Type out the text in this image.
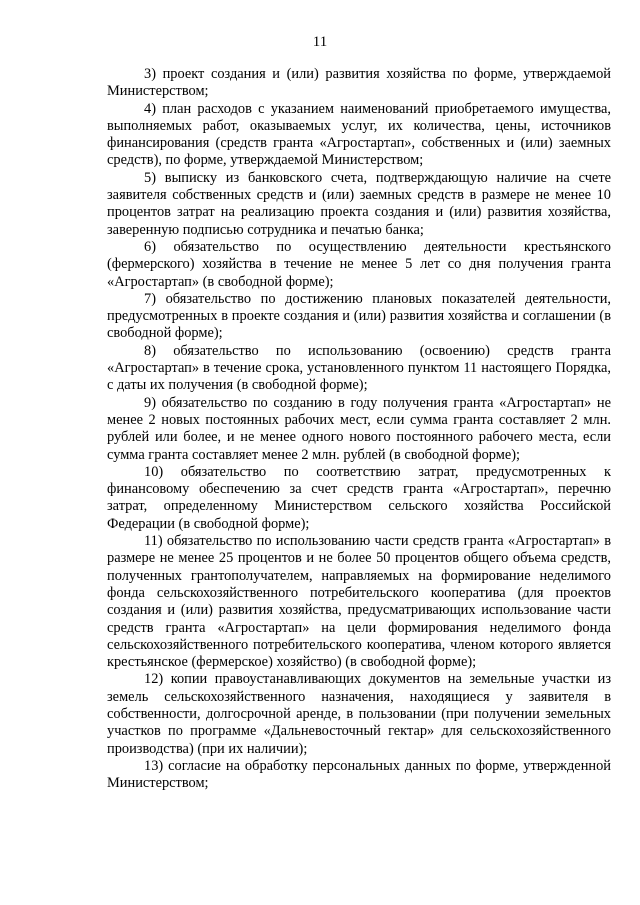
11

3) проект создания и (или) развития хозяйства по форме, утверждаемой Министерством;

4) план расходов с указанием наименований приобретаемого имущества, выполняемых работ, оказываемых услуг, их количества, цены, источников финансирования (средств гранта «Агростартап», собственных и (или) заемных средств), по форме, утверждаемой Министерством;

5) выписку из банковского счета, подтверждающую наличие на счете заявителя собственных средств и (или) заемных средств в размере не менее 10 процентов затрат на реализацию проекта создания и (или) развития хозяйства, заверенную подписью сотрудника и печатью банка;

6) обязательство по осуществлению деятельности крестьянского (фермерского) хозяйства в течение не менее 5 лет со дня получения гранта «Агростартап» (в свободной форме);

7) обязательство по достижению плановых показателей деятельности, предусмотренных в проекте создания и (или) развития хозяйства и соглашении (в свободной форме);

8) обязательство по использованию (освоению) средств гранта «Агростартап» в течение срока, установленного пунктом 11 настоящего Порядка, с даты их получения (в свободной форме);

9) обязательство по созданию в году получения гранта «Агростартап» не менее 2 новых постоянных рабочих мест, если сумма гранта составляет 2 млн. рублей или более, и не менее одного нового постоянного рабочего места, если сумма гранта составляет менее 2 млн. рублей (в свободной форме);

10) обязательство по соответствию затрат, предусмотренных к финансовому обеспечению за счет средств гранта «Агростартап», перечню затрат, определенному Министерством сельского хозяйства Российской Федерации (в свободной форме);

11) обязательство по использованию части средств гранта «Агростартап» в размере не менее 25 процентов и не более 50 процентов общего объема средств, полученных грантополучателем, направляемых на формирование неделимого фонда сельскохозяйственного потребительского кооператива (для проектов создания и (или) развития хозяйства, предусматривающих использование части средств гранта «Агростартап» на цели формирования неделимого фонда сельскохозяйственного потребительского кооператива, членом которого является крестьянское (фермерское) хозяйство) (в свободной форме);

12) копии правоустанавливающих документов на земельные участки из земель сельскохозяйственного назначения, находящиеся у заявителя в собственности, долгосрочной аренде, в пользовании (при получении земельных участков по программе «Дальневосточный гектар» для сельскохозяйственного производства) (при их наличии);

13) согласие на обработку персональных данных по форме, утвержденной Министерством;
